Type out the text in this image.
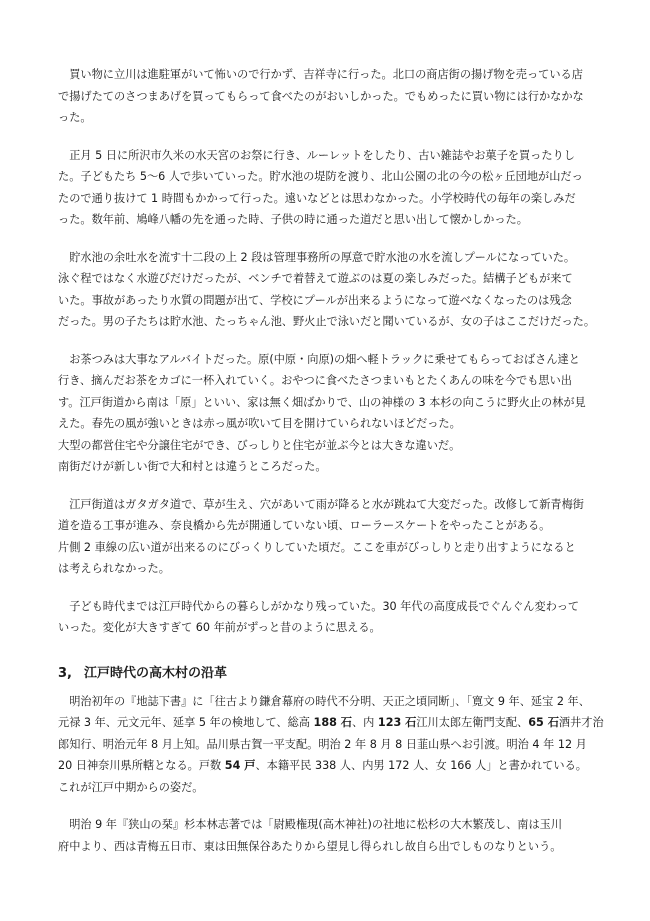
　買い物に立川は進駐軍がいて怖いので行かず、吉祥寺に行った。北口の商店街の揚げ物を売っている店
で揚げたてのさつまあげを買ってもらって食べたのがおいしかった。でもめったに買い物には行かなかな
った。

　正月 5 日に所沢市久米の水天宮のお祭に行き、ルーレットをしたり、古い雑誌やお菓子を買ったりし
た。子どもたち 5～6 人で歩いていった。貯水池の堤防を渡り、北山公園の北の今の松ヶ丘団地が山だっ
たので通り抜けて 1 時間もかかって行った。遠いなどとは思わなかった。小学校時代の毎年の楽しみだ
った。数年前、鳩峰八幡の先を通った時、子供の時に通った道だと思い出して懐かしかった。

　貯水池の余吐水を流す十二段の上 2 段は管理事務所の厚意で貯水池の水を流しプールになっていた。
泳ぐ程ではなく水遊びだけだったが、ベンチで着替えて遊ぶのは夏の楽しみだった。結構子どもが来て
いた。事故があったり水質の問題が出て、学校にプールが出来るようになって遊べなくなったのは残念
だった。男の子たちは貯水池、たっちゃん池、野火止で泳いだと聞いているが、女の子はここだけだった。

　お茶つみは大事なアルバイトだった。原(中原・向原)の畑へ軽トラックに乗せてもらっておばさん達と
行き、摘んだお茶をカゴに一杯入れていく。おやつに食べたさつまいもとたくあんの味を今でも思い出
す。江戸街道から南は「原」といい、家は無く畑ばかりで、山の神様の 3 本杉の向こうに野火止の林が見
えた。春先の風が強いときは赤っ風が吹いて目を開けていられないほどだった。
大型の都営住宅や分譲住宅ができ、びっしりと住宅が並ぶ今とは大きな違いだ。
南街だけが新しい街で大和村とは違うところだった。

　江戸街道はガタガタ道で、草が生え、穴があいて雨が降ると水が跳ねて大変だった。改修して新青梅街
道を造る工事が進み、奈良橋から先が開通していない頃、ローラースケートをやったことがある。
片側 2 車線の広い道が出来るのにびっくりしていた頃だ。ここを車がびっしりと走り出すようになると
は考えられなかった。

　子ども時代までは江戸時代からの暮らしがかなり残っていた。30 年代の高度成長でぐんぐん変わって
いった。変化が大きすぎて 60 年前がずっと昔のように思える。

3, 江戸時代の高木村の沿革

　明治初年の『地誌下書』に「往古より鎌倉幕府の時代不分明、天正之頃同断」、「寛文 9 年、延宝 2 年、
元禄 3 年、元文元年、延享 5 年の検地して、総高 188 石、内 123 石江川太郎左衛門支配、65 石酒井才治
郎知行、明治元年 8 月上知。品川県古賀一平支配。明治 2 年 8 月 8 日韮山県へお引渡。明治 4 年 12 月
20 日神奈川県所轄となる。戸数 54 戸、本籍平民 338 人、内男 172 人、女 166 人」と書かれている。
これが江戸中期からの姿だ。

　明治 9 年『狭山の栞』杉本林志著では「尉殿権現(高木神社)の社地に松杉の大木繁茂し、南は玉川
府中より、西は青梅五日市、東は田無保谷あたりから望見し得られし故自ら出でしものなりという。
